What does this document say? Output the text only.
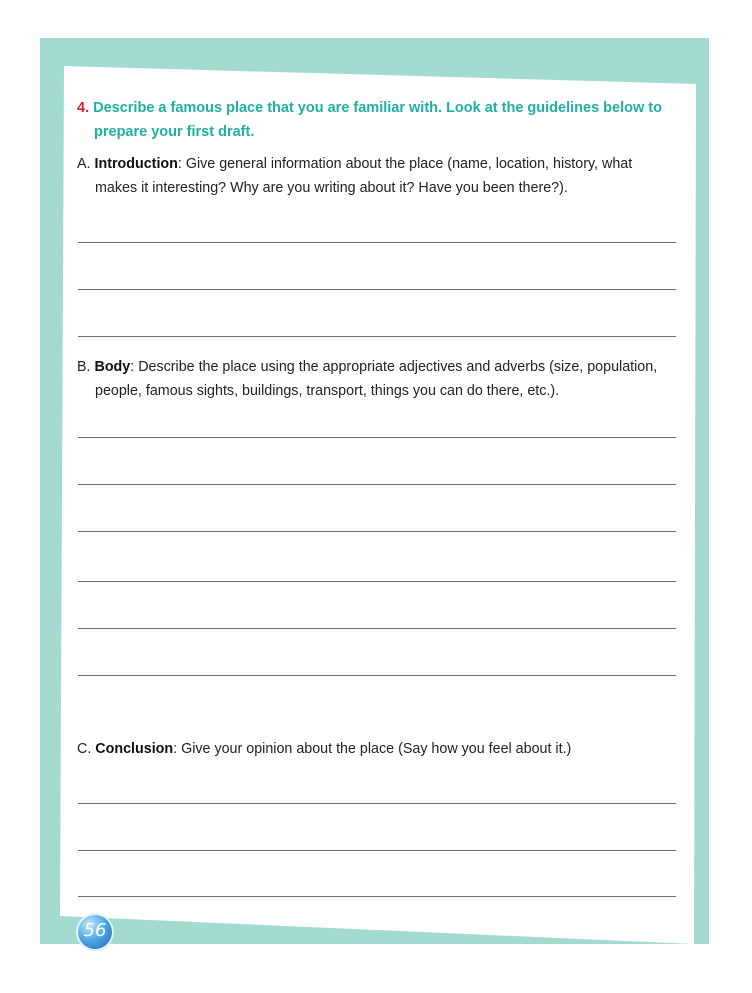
4. Describe a famous place that you are familiar with. Look at the guidelines below to
prepare your first draft.
A. Introduction: Give general information about the place (name, location, history, what
makes it interesting? Why are you writing about it? Have you been there?).
B. Body: Describe the place using the appropriate adjectives and adverbs (size, population,
people, famous sights, buildings, transport, things you can do there, etc.).
C. Conclusion: Give your opinion about the place (Say how you feel about it.)
56
